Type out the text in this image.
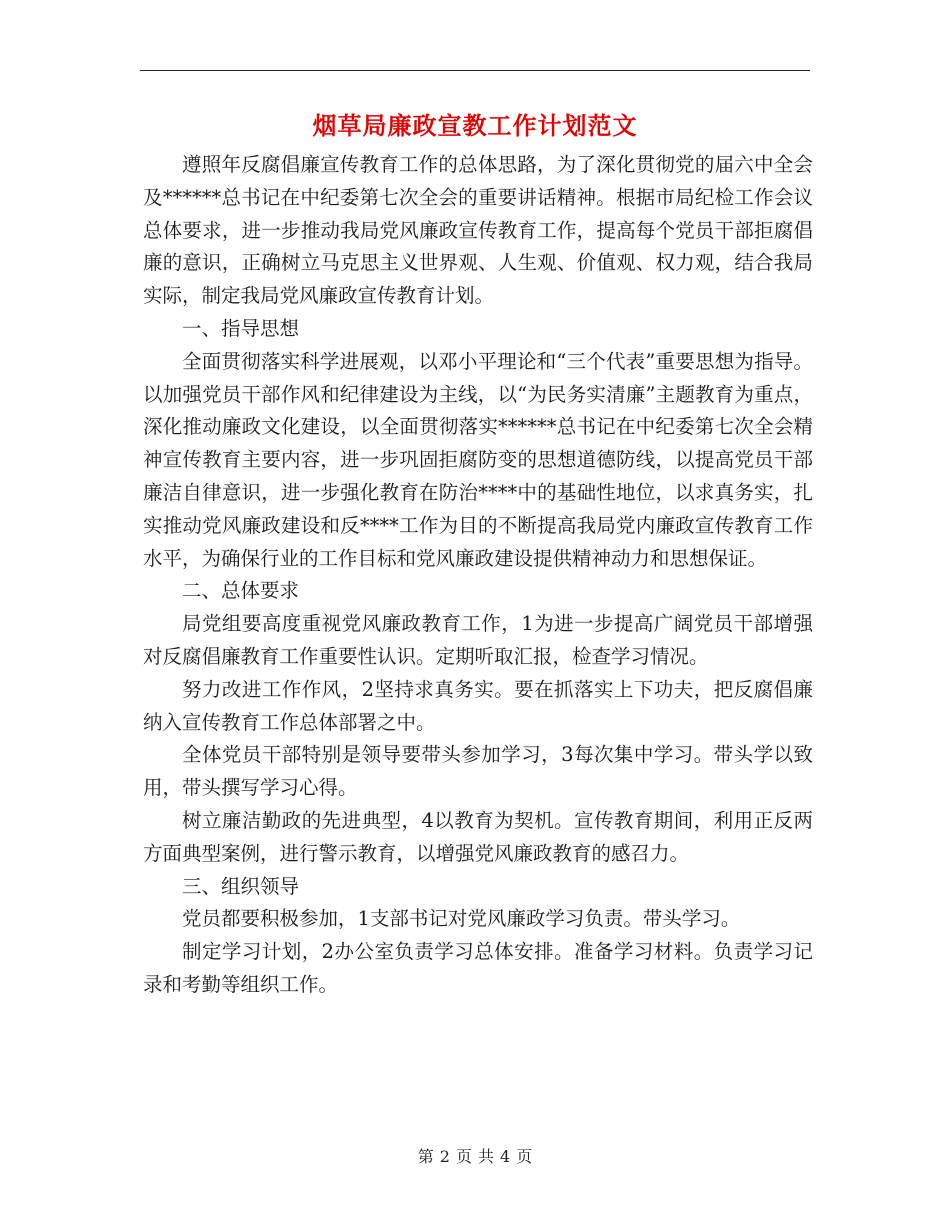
烟草局廉政宣教工作计划范文

遵照年反腐倡廉宣传教育工作的总体思路，为了深化贯彻党的届六中全会及******总书记在中纪委第七次全会的重要讲话精神。根据市局纪检工作会议总体要求，进一步推动我局党风廉政宣传教育工作，提高每个党员干部拒腐倡廉的意识，正确树立马克思主义世界观、人生观、价值观、权力观，结合我局实际，制定我局党风廉政宣传教育计划。

一、指导思想

全面贯彻落实科学进展观，以邓小平理论和“三个代表”重要思想为指导。以加强党员干部作风和纪律建设为主线，以“为民务实清廉”主题教育为重点，深化推动廉政文化建设，以全面贯彻落实******总书记在中纪委第七次全会精神宣传教育主要内容，进一步巩固拒腐防变的思想道德防线，以提高党员干部廉洁自律意识，进一步强化教育在防治****中的基础性地位，以求真务实，扎实推动党风廉政建设和反****工作为目的不断提高我局党内廉政宣传教育工作水平，为确保行业的工作目标和党风廉政建设提供精神动力和思想保证。

二、总体要求

局党组要高度重视党风廉政教育工作，1为进一步提高广阔党员干部增强对反腐倡廉教育工作重要性认识。定期听取汇报，检查学习情况。

努力改进工作作风，2坚持求真务实。要在抓落实上下功夫，把反腐倡廉纳入宣传教育工作总体部署之中。

全体党员干部特别是领导要带头参加学习，3每次集中学习。带头学以致用，带头撰写学习心得。

树立廉洁勤政的先进典型，4以教育为契机。宣传教育期间，利用正反两方面典型案例，进行警示教育，以增强党风廉政教育的感召力。

三、组织领导

党员都要积极参加，1支部书记对党风廉政学习负责。带头学习。

制定学习计划，2办公室负责学习总体安排。准备学习材料。负责学习记录和考勤等组织工作。

第 2 页 共 4 页
